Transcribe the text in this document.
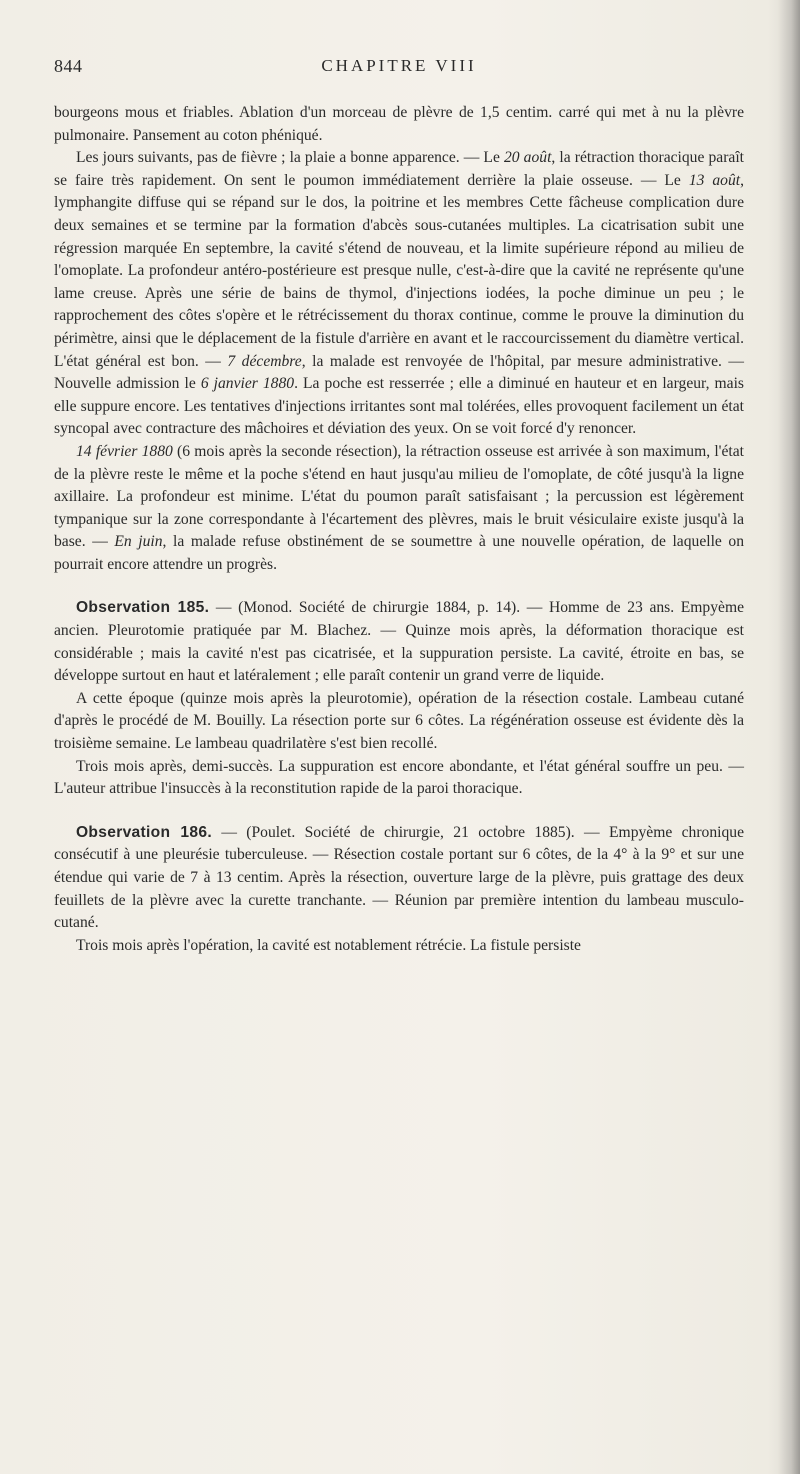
844	CHAPITRE VIII

bourgeons mous et friables. Ablation d'un morceau de plèvre de 1,5 centim. carré qui met à nu la plèvre pulmonaire. Pansement au coton phéniqué.

Les jours suivants, pas de fièvre ; la plaie a bonne apparence. — Le 20 août, la rétraction thoracique paraît se faire très rapidement. On sent le poumon immédiatement derrière la plaie osseuse. — Le 13 août, lymphangite diffuse qui se répand sur le dos, la poitrine et les membres Cette fâcheuse complication dure deux semaines et se termine par la formation d'abcès sous-cutanées multiples. La cicatrisation subit une régression marquée En septembre, la cavité s'étend de nouveau, et la limite supérieure répond au milieu de l'omoplate. La profondeur antéro-postérieure est presque nulle, c'est-à-dire que la cavité ne représente qu'une lame creuse. Après une série de bains de thymol, d'injections iodées, la poche diminue un peu ; le rapprochement des côtes s'opère et le rétrécissement du thorax continue, comme le prouve la diminution du périmètre, ainsi que le déplacement de la fistule d'arrière en avant et le raccourcissement du diamètre vertical. L'état général est bon. — 7 décembre, la malade est renvoyée de l'hôpital, par mesure administrative. — Nouvelle admission le 6 janvier 1880. La poche est resserrée ; elle a diminué en hauteur et en largeur, mais elle suppure encore. Les tentatives d'injections irritantes sont mal tolérées, elles provoquent facilement un état syncopal avec contracture des mâchoires et déviation des yeux. On se voit forcé d'y renoncer.

14 février 1880 (6 mois après la seconde résection), la rétraction osseuse est arrivée à son maximum, l'état de la plèvre reste le même et la poche s'étend en haut jusqu'au milieu de l'omoplate, de côté jusqu'à la ligne axillaire. La profondeur est minime. L'état du poumon paraît satisfaisant ; la percussion est légèrement tympanique sur la zone correspondante à l'écartement des plèvres, mais le bruit vésiculaire existe jusqu'à la base. — En juin, la malade refuse obstinément de se soumettre à une nouvelle opération, de laquelle on pourrait encore attendre un progrès.

Observation 185. — (Monod. Société de chirurgie 1884, p. 14). — Homme de 23 ans. Empyème ancien. Pleurotomie pratiquée par M. Blachez. — Quinze mois après, la déformation thoracique est considérable ; mais la cavité n'est pas cicatrisée, et la suppuration persiste. La cavité, étroite en bas, se développe surtout en haut et latéralement ; elle paraît contenir un grand verre de liquide.

A cette époque (quinze mois après la pleurotomie), opération de la résection costale. Lambeau cutané d'après le procédé de M. Bouilly. La résection porte sur 6 côtes. La régénération osseuse est évidente dès la troisième semaine. Le lambeau quadrilatère s'est bien recollé.

Trois mois après, demi-succès. La suppuration est encore abondante, et l'état général souffre un peu. — L'auteur attribue l'insuccès à la reconstitution rapide de la paroi thoracique.

Observation 186. — (Poulet. Société de chirurgie, 21 octobre 1885). — Empyème chronique consécutif à une pleurésie tuberculeuse. — Résection costale portant sur 6 côtes, de la 4° à la 9° et sur une étendue qui varie de 7 à 13 centim. Après la résection, ouverture large de la plèvre, puis grattage des deux feuillets de la plèvre avec la curette tranchante. — Réunion par première intention du lambeau musculo-cutané.

Trois mois après l'opération, la cavité est notablement rétrécie. La fistule persiste
